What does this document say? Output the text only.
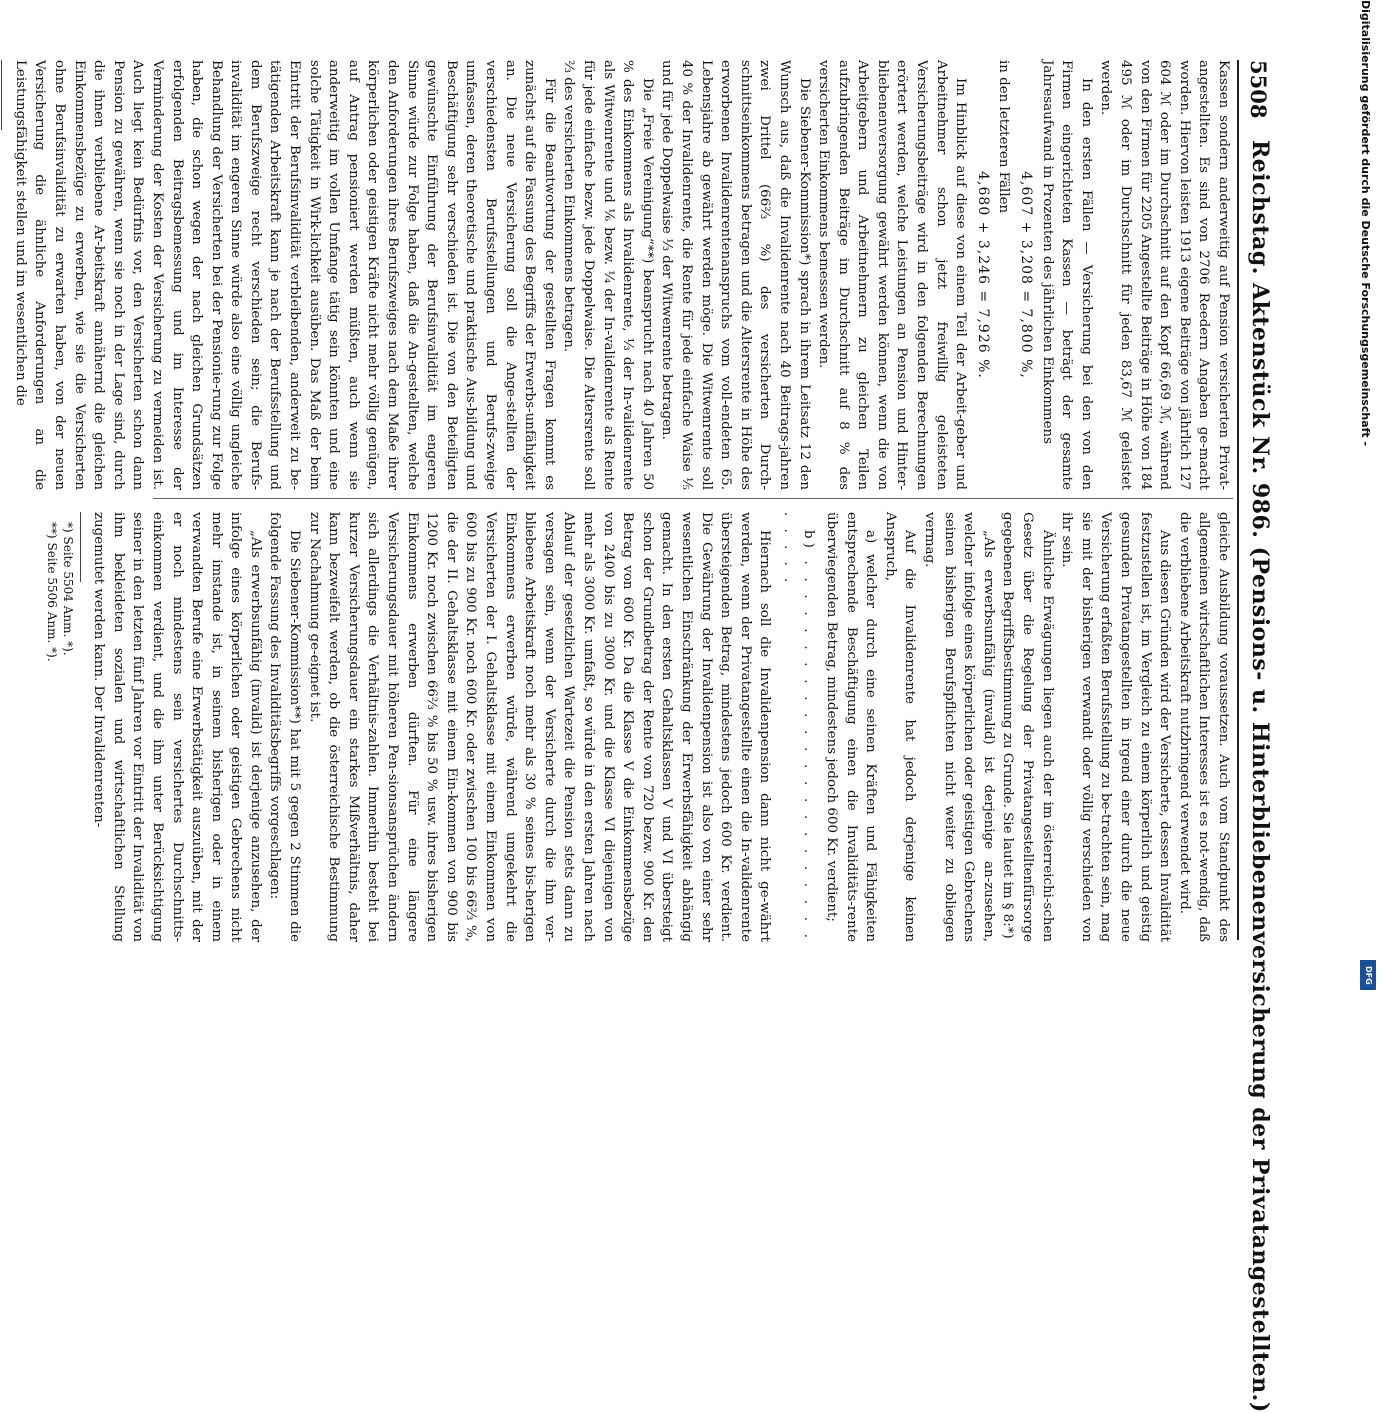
5508
Reichstag. Aktenstück Nr. 986. (Pensions- u. Hinterbliebenenversicherung der Privatangestellten.)

Kassen sondern anderweitig auf Pension versicherten Privat-angestellten. Es sind von 2706 Reedern Angaben ge-macht worden. Hiervon leisten 1913 eigene Beiträge von jährlich 127 604 ℳ oder im Durchschnitt auf den Kopf 66,69 ℳ, während von den Firmen für 2205 Angestellte Beiträge in Höhe von 184 495 ℳ oder im Durchschnitt für jeden 83,67 ℳ geleistet werden.

In den ersten Fällen — Versicherung bei den von den Firmen eingerichteten Kassen — beträgt der gesamte Jahresaufwand in Prozenten des jährlichen Einkommens

4,607 + 3,208 = 7,800 %,

in den letzteren Fällen

4,680 + 3,246 = 7,926 %.

Im Hinblick auf diese von einem Teil der Arbeit-geber und Arbeitnehmer schon jetzt freiwillig geleisteten Versicherungsbeiträge wird in den folgenden Berechnungen erörtert werden, welche Leistungen an Pension und Hinter-bliebenenversorgung gewährt werden können, wenn die von Arbeitgebern und Arbeitnehmern zu gleichen Teilen aufzubringenden Beiträge im Durchschnitt auf 8 % des versicherten Einkommens bemessen werden.

Die Siebener-Kommission*) sprach in ihrem Leitsatz 12 den Wunsch aus, daß die Invalidenrente nach 40 Beitrags-jahren zwei Drittel (66⅔ %) des versicherten Durch-schnittseinkommens betragen und die Altersrente in Höhe des erworbenen Invalidenrentenanspruchs vom voll-endeten 65. Lebensjahre ab gewährt werden möge. Die Witwenrente soll 40 % der Invalidenrente, die Rente für jede einfache Waise ⅕ und für jede Doppelwaise ⅓ der Witwenrente betragen.

Die „Freie Vereinigung“**) beansprucht nach 40 Jahren 50 % des Einkommens als Invalidenrente, ⅓ der In-validenrente als Witwenrente und ⅙ bezw. ¼ der In-validenrente als Rente für jede einfache bezw. jede Doppelwaise. Die Altersrente soll ⅔ des versicherten Einkommens betragen.

Für die Beantwortung der gestellten Fragen kommt es zunächst auf die Fassung des Begriffs der Erwerbs-unfähigkeit an. Die neue Versicherung soll die Ange-stellten der verschiedensten Berufsstellungen und Berufs-zweige umfassen, deren theoretische und praktische Aus-bildung und Beschäftigung sehr verschieden ist. Die von den Beteiligten gewünschte Einführung der Berufsinvalidität im engeren Sinne würde zur Folge haben, daß die An-gestellten, welche den Anforderungen ihres Berufszweiges nach dem Maße ihrer körperlichen oder geistigen Kräfte nicht mehr völlig genügen, auf Antrag pensioniert werden müßten, auch wenn sie anderweitig im vollen Umfange tätig sein könnten und eine solche Tätigkeit in Wirk-lichkeit ausüben. Das Maß der beim Eintritt der Berufsinvalidität verbleibenden, anderweit zu be-tätigenden Arbeitskraft kann je nach der Berufsstellung und dem Berufszweige recht verschieden sein; die Berufs-invalidität im engeren Sinne würde also eine völlig ungleiche Behandlung der Versicherten bei der Pensionie-rung zur Folge haben, die schon wegen der nach gleichen Grundsätzen erfolgenden Beitragsbemessung und im Interesse der Verminderung der Kosten der Versicherung zu vermeiden ist. Auch liegt kein Bedürfnis vor, den Versicherten schon dann Pension zu gewähren, wenn sie noch in der Lage sind, durch die ihnen verbliebene Ar-beitskraft annähernd die gleichen Einkommensbezüge zu erwerben, wie sie die Versicherten ohne Berufsinvalidität zu erwarten haben, von der neuen Versicherung die ähnliche Anforderungen an die Leistungsfähigkeit stellen und im wesentlichen die

gleiche Ausbildung voraussetzen. Auch vom Standpunkt des allgemeinen wirtschaftlichen Interesses ist es not-wendig, daß die verbliebene Arbeitskraft nutzbringend verwendet wird.

Aus diesen Gründen wird der Versicherte, dessen Invalidität festzustellen ist, im Vergleich zu einem körperlich und geistig gesunden Privatangestellten in irgend einer durch die neue Versicherung erfaßten Berufsstellung zu be-trachten sein, mag sie mit der bisherigen verwandt oder völlig verschieden von ihr sein.

Ähnliche Erwägungen liegen auch der im österreichi-schen Gesetz über die Regelung der Privatangestelltenfürsorge gegebenen Begriffsbestimmung zu Grunde. Sie lautet im § 8:*)

„Als erwerbsunfähig (invalid) ist derjenige an-zusehen, welcher infolge eines körperlichen oder geistigen Gebrechens seinen bisherigen Berufspflichten nicht weiter zu obliegen vermag.

Auf die Invalidenrente hat jedoch derjenige keinen Anspruch,

a) welcher durch eine seinen Kräften und Fähigkeiten entsprechende Beschäftigung einen die Invaliditäts-rente überwiegenden Betrag, mindestens jedoch 600 Kr. verdient;

b) . . . . . . . . . . . . . . . . . . . . . . . . . . . .

Hiernach soll die Invalidenpension dann nicht ge-währt werden, wenn der Privatangestellte einen die In-validenrente übersteigenden Betrag, mindestens jedoch 600 Kr. verdient. Die Gewährung der Invalidenpension ist also von einer sehr wesentlichen Einschränkung der Erwerbsfähigkeit abhängig gemacht. In den ersten Gehaltsklassen V und VI übersteigt schon der Grundbetrag der Rente von 720 bezw. 900 Kr. den Betrag von 600 Kr. Da die Klasse V die Einkommensbezüge von 2400 bis zu 3000 Kr. und die Klasse VI diejenigen von mehr als 3000 Kr. umfaßt, so würde in den ersten Jahren nach Ablauf der gesetzlichen Wartezeit die Pension stets dann zu versagen sein, wenn der Versicherte durch die ihm ver-bliebene Arbeitskraft noch mehr als 30 % seines bis-herigen Einkommens erwerben würde, während umgekehrt die Versicherten der I. Gehaltsklasse mit einem Einkommen von 600 bis zu 900 Kr. noch 600 Kr. oder zwischen 100 bis 66⅔ %, die der II. Gehaltsklasse mit einem Ein-kommen von 900 bis 1200 Kr. noch zwischen 66⅔ % bis 50 % usw. ihres bisherigen Einkommens erwerben dürften. Für eine längere Versicherungsdauer mit höheren Pen-sionsansprüchen ändern sich allerdings die Verhältnis-zahlen. Immerhin besteht bei kurzer Versicherungsdauer ein starkes Mißverhältnis, daher kann bezweifelt werden, ob die österreichische Bestimmung zur Nachahmung ge-eignet ist.

Die Siebener-Kommission**) hat mit 5 gegen 2 Stimmen die folgende Fassung des Invaliditätsbegriffs vorgeschlagen:

„Als erwerbsunfähig (invalid) ist derjenige anzusehen, der infolge eines körperlichen oder geistigen Gebrechens nicht mehr imstande ist, in seinem bisherigen oder in einem verwandten Berufe eine Erwerbstätigkeit auszuüben, mit der er noch mindestens sein versichertes Durchschnitts-einkommen verdient, und die ihm unter Berücksichtigung seiner in den letzten fünf Jahren vor Eintritt der Invalidität von ihm bekleideten sozialen und wirtschaftlichen Stellung zugemutet werden kann. Der Invalidenrenten-

*) Seite 5504 Anm. *).

**) Seite 5506 Anm. *).

Digitalisierung gefördert durch die Deutsche Forschungsgemeinschaft -
DFG
